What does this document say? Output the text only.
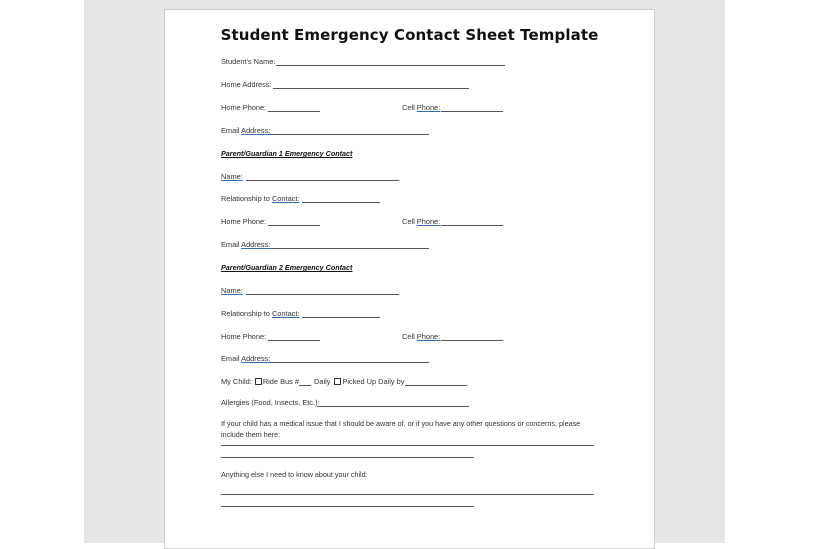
Student Emergency Contact Sheet Template
Student's Name:
Home Address:
Home Phone:	Cell Phone:
Email Address:
Parent/Guardian 1 Emergency Contact
Name:
Relationship to Contact:
Home Phone:	Cell Phone:
Email Address:
Parent/Guardian 2 Emergency Contact
Name:
Relationship to Contact:
Home Phone:	Cell Phone:
Email Address:
My Child: Ride Bus # Daily Picked Up Daily by
Allergies (Food, Insects, Etc.):
If your child has a medical issue that I should be aware of, or if you have any other questions or concerns, please include them here:
Anything else I need to know about your child:
